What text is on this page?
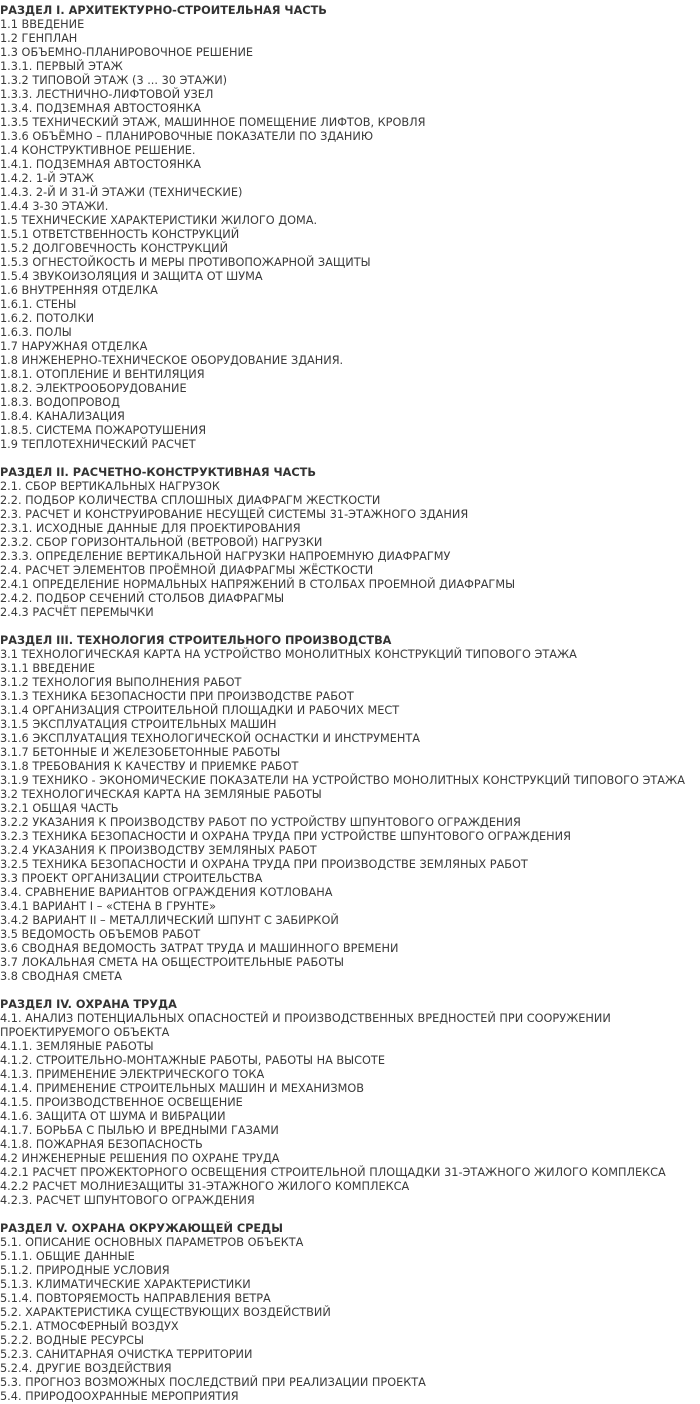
РАЗДЕЛ I. АРХИТЕКТУРНО-СТРОИТЕЛЬНАЯ ЧАСТЬ
1.1 ВВЕДЕНИЕ
1.2 ГЕНПЛАН
1.3 ОБЪЕМНО-ПЛАНИРОВОЧНОЕ РЕШЕНИЕ
1.3.1. ПЕРВЫЙ ЭТАЖ
1.3.2 ТИПОВОЙ ЭТАЖ (3 ... 30 ЭТАЖИ)
1.3.3. ЛЕСТНИЧНО-ЛИФТОВОЙ УЗЕЛ
1.3.4. ПОДЗЕМНАЯ АВТОСТОЯНКА
1.3.5 ТЕХНИЧЕСКИЙ ЭТАЖ, МАШИННОЕ ПОМЕЩЕНИЕ ЛИФТОВ, КРОВЛЯ
1.3.6 ОБЪЁМНО – ПЛАНИРОВОЧНЫЕ ПОКАЗАТЕЛИ ПО ЗДАНИЮ
1.4 КОНСТРУКТИВНОЕ РЕШЕНИЕ.
1.4.1. ПОДЗЕМНАЯ АВТОСТОЯНКА
1.4.2. 1-Й ЭТАЖ
1.4.3. 2-Й И 31-Й ЭТАЖИ (ТЕХНИЧЕСКИЕ)
1.4.4 3-30 ЭТАЖИ.
1.5 ТЕХНИЧЕСКИЕ ХАРАКТЕРИСТИКИ ЖИЛОГО ДОМА.
1.5.1 ОТВЕТСТВЕННОСТЬ КОНСТРУКЦИЙ
1.5.2 ДОЛГОВЕЧНОСТЬ КОНСТРУКЦИЙ
1.5.3 ОГНЕСТОЙКОСТЬ И МЕРЫ ПРОТИВОПОЖАРНОЙ ЗАЩИТЫ
1.5.4 ЗВУКОИЗОЛЯЦИЯ И ЗАЩИТА ОТ ШУМА
1.6 ВНУТРЕННЯЯ ОТДЕЛКА
1.6.1. СТЕНЫ
1.6.2. ПОТОЛКИ
1.6.3. ПОЛЫ
1.7 НАРУЖНАЯ ОТДЕЛКА
1.8 ИНЖЕНЕРНО-ТЕХНИЧЕСКОЕ ОБОРУДОВАНИЕ ЗДАНИЯ.
1.8.1. ОТОПЛЕНИЕ И ВЕНТИЛЯЦИЯ
1.8.2. ЭЛЕКТРООБОРУДОВАНИЕ
1.8.3. ВОДОПРОВОД
1.8.4. КАНАЛИЗАЦИЯ
1.8.5. СИСТЕМА ПОЖАРОТУШЕНИЯ
1.9 ТЕПЛОТЕХНИЧЕСКИЙ РАСЧЕТ
РАЗДЕЛ II. РАСЧЕТНО-КОНСТРУКТИВНАЯ ЧАСТЬ
2.1. СБОР ВЕРТИКАЛЬНЫХ НАГРУЗОК
2.2. ПОДБОР КОЛИЧЕСТВА СПЛОШНЫХ ДИАФРАГМ ЖЕСТКОСТИ
2.3. РАСЧЕТ И КОНСТРУИРОВАНИЕ НЕСУЩЕЙ СИСТЕМЫ 31-ЭТАЖНОГО ЗДАНИЯ
2.3.1. ИСХОДНЫЕ ДАННЫЕ ДЛЯ ПРОЕКТИРОВАНИЯ
2.3.2. СБОР ГОРИЗОНТАЛЬНОЙ (ВЕТРОВОЙ) НАГРУЗКИ
2.3.3. ОПРЕДЕЛЕНИЕ ВЕРТИКАЛЬНОЙ НАГРУЗКИ НАПРОЕМНУЮ ДИАФРАГМУ
2.4. РАСЧЕТ ЭЛЕМЕНТОВ ПРОЁМНОЙ ДИАФРАГМЫ ЖЁСТКОСТИ
2.4.1 ОПРЕДЕЛЕНИЕ НОРМАЛЬНЫХ НАПРЯЖЕНИЙ В СТОЛБАХ ПРОЕМНОЙ ДИАФРАГМЫ
2.4.2. ПОДБОР СЕЧЕНИЙ СТОЛБОВ ДИАФРАГМЫ
2.4.3 РАСЧЁТ ПЕРЕМЫЧКИ
РАЗДЕЛ III. ТЕХНОЛОГИЯ СТРОИТЕЛЬНОГО ПРОИЗВОДСТВА
3.1 ТЕХНОЛОГИЧЕСКАЯ КАРТА НА УСТРОЙСТВО МОНОЛИТНЫХ КОНСТРУКЦИЙ ТИПОВОГО ЭТАЖА
3.1.1 ВВЕДЕНИЕ
3.1.2 ТЕХНОЛОГИЯ ВЫПОЛНЕНИЯ РАБОТ
3.1.3 ТЕХНИКА БЕЗОПАСНОСТИ ПРИ ПРОИЗВОДСТВЕ РАБОТ
3.1.4 ОРГАНИЗАЦИЯ СТРОИТЕЛЬНОЙ ПЛОЩАДКИ И РАБОЧИХ МЕСТ
3.1.5 ЭКСПЛУАТАЦИЯ СТРОИТЕЛЬНЫХ МАШИН
3.1.6 ЭКСПЛУАТАЦИЯ ТЕХНОЛОГИЧЕСКОЙ ОСНАСТКИ И ИНСТРУМЕНТА
3.1.7 БЕТОННЫЕ И ЖЕЛЕЗОБЕТОННЫЕ РАБОТЫ
3.1.8 ТРЕБОВАНИЯ К КАЧЕСТВУ И ПРИЕМКЕ РАБОТ
3.1.9 ТЕХНИКО - ЭКОНОМИЧЕСКИЕ ПОКАЗАТЕЛИ НА УСТРОЙСТВО МОНОЛИТНЫХ КОНСТРУКЦИЙ ТИПОВОГО ЭТАЖА
3.2 ТЕХНОЛОГИЧЕСКАЯ КАРТА НА ЗЕМЛЯНЫЕ РАБОТЫ
3.2.1 ОБЩАЯ ЧАСТЬ
3.2.2 УКАЗАНИЯ К ПРОИЗВОДСТВУ РАБОТ ПО УСТРОЙСТВУ ШПУНТОВОГО ОГРАЖДЕНИЯ
3.2.3 ТЕХНИКА БЕЗОПАСНОСТИ И ОХРАНА ТРУДА ПРИ УСТРОЙСТВЕ ШПУНТОВОГО ОГРАЖДЕНИЯ
3.2.4 УКАЗАНИЯ К ПРОИЗВОДСТВУ ЗЕМЛЯНЫХ РАБОТ
3.2.5 ТЕХНИКА БЕЗОПАСНОСТИ И ОХРАНА ТРУДА ПРИ ПРОИЗВОДСТВЕ ЗЕМЛЯНЫХ РАБОТ
3.3 ПРОЕКТ ОРГАНИЗАЦИИ СТРОИТЕЛЬСТВА
3.4. СРАВНЕНИЕ ВАРИАНТОВ ОГРАЖДЕНИЯ КОТЛОВАНА
3.4.1 ВАРИАНТ I – «СТЕНА В ГРУНТЕ»
3.4.2 ВАРИАНТ II – МЕТАЛЛИЧЕСКИЙ ШПУНТ С ЗАБИРКОЙ
3.5 ВЕДОМОСТЬ ОБЪЕМОВ РАБОТ
3.6 СВОДНАЯ ВЕДОМОСТЬ ЗАТРАТ ТРУДА И МАШИННОГО ВРЕМЕНИ
3.7 ЛОКАЛЬНАЯ СМЕТА НА ОБЩЕСТРОИТЕЛЬНЫЕ РАБОТЫ
3.8 СВОДНАЯ СМЕТА
РАЗДЕЛ IV. ОХРАНА ТРУДА
4.1. АНАЛИЗ ПОТЕНЦИАЛЬНЫХ ОПАСНОСТЕЙ И ПРОИЗВОДСТВЕННЫХ ВРЕДНОСТЕЙ ПРИ СООРУЖЕНИИ ПРОЕКТИРУЕМОГО ОБЪЕКТА
4.1.1. ЗЕМЛЯНЫЕ РАБОТЫ
4.1.2. СТРОИТЕЛЬНО-МОНТАЖНЫЕ РАБОТЫ, РАБОТЫ НА ВЫСОТЕ
4.1.3. ПРИМЕНЕНИЕ ЭЛЕКТРИЧЕСКОГО ТОКА
4.1.4. ПРИМЕНЕНИЕ СТРОИТЕЛЬНЫХ МАШИН И МЕХАНИЗМОВ
4.1.5. ПРОИЗВОДСТВЕННОЕ ОСВЕЩЕНИЕ
4.1.6. ЗАЩИТА ОТ ШУМА И ВИБРАЦИИ
4.1.7. БОРЬБА С ПЫЛЬЮ И ВРЕДНЫМИ ГАЗАМИ
4.1.8. ПОЖАРНАЯ БЕЗОПАСНОСТЬ
4.2 ИНЖЕНЕРНЫЕ РЕШЕНИЯ ПО ОХРАНЕ ТРУДА
4.2.1 РАСЧЕТ ПРОЖЕКТОРНОГО ОСВЕЩЕНИЯ СТРОИТЕЛЬНОЙ ПЛОЩАДКИ 31-ЭТАЖНОГО ЖИЛОГО КОМПЛЕКСА
4.2.2 РАСЧЕТ МОЛНИЕЗАЩИТЫ 31-ЭТАЖНОГО ЖИЛОГО КОМПЛЕКСА
4.2.3. РАСЧЕТ ШПУНТОВОГО ОГРАЖДЕНИЯ
РАЗДЕЛ V. ОХРАНА ОКРУЖАЮЩЕЙ СРЕДЫ
5.1. ОПИСАНИЕ ОСНОВНЫХ ПАРАМЕТРОВ ОБЪЕКТА
5.1.1. ОБЩИЕ ДАННЫЕ
5.1.2. ПРИРОДНЫЕ УСЛОВИЯ
5.1.3. КЛИМАТИЧЕСКИЕ ХАРАКТЕРИСТИКИ
5.1.4. ПОВТОРЯЕМОСТЬ НАПРАВЛЕНИЯ ВЕТРА
5.2. ХАРАКТЕРИСТИКА СУЩЕСТВУЮЩИХ ВОЗДЕЙСТВИЙ
5.2.1. АТМОСФЕРНЫЙ ВОЗДУХ
5.2.2. ВОДНЫЕ РЕСУРСЫ
5.2.3. САНИТАРНАЯ ОЧИСТКА ТЕРРИТОРИИ
5.2.4. ДРУГИЕ ВОЗДЕЙСТВИЯ
5.3. ПРОГНОЗ ВОЗМОЖНЫХ ПОСЛЕДСТВИЙ ПРИ РЕАЛИЗАЦИИ ПРОЕКТА
5.4. ПРИРОДООХРАННЫЕ МЕРОПРИЯТИЯ
